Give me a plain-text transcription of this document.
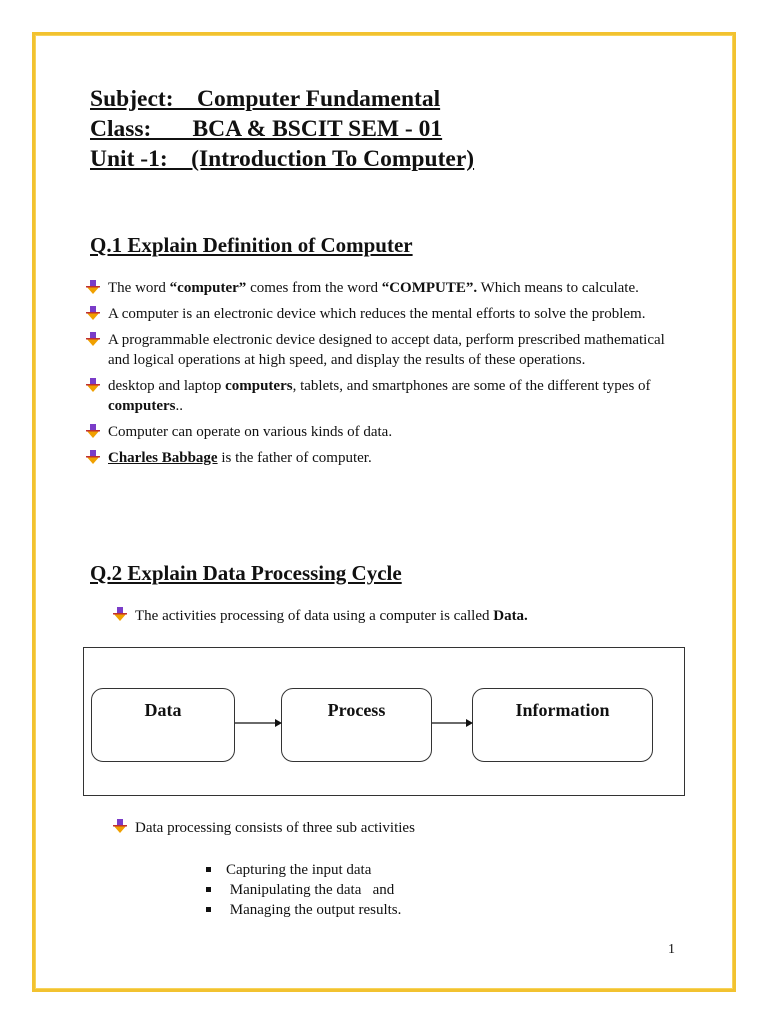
Subject:    Computer Fundamental
Class:       BCA & BSCIT SEM - 01
Unit -1:    (Introduction To Computer)
Q.1 Explain Definition of Computer
The word “computer” comes from the word “COMPUTE”. Which means to calculate.
A computer is an electronic device which reduces the mental efforts to solve the problem.
A programmable electronic device designed to accept data, perform prescribed mathematical and logical operations at high speed, and display the results of these operations.
desktop and laptop computers, tablets, and smartphones are some of the different types of computers..
Computer can operate on various kinds of data.
Charles Babbage is the father of computer.
Q.2 Explain Data Processing Cycle
The activities processing of data using a computer is called Data.
Data	Process	Information
Data processing consists of three sub activities
Capturing the input data
Manipulating the data   and
Managing the output results.
1
